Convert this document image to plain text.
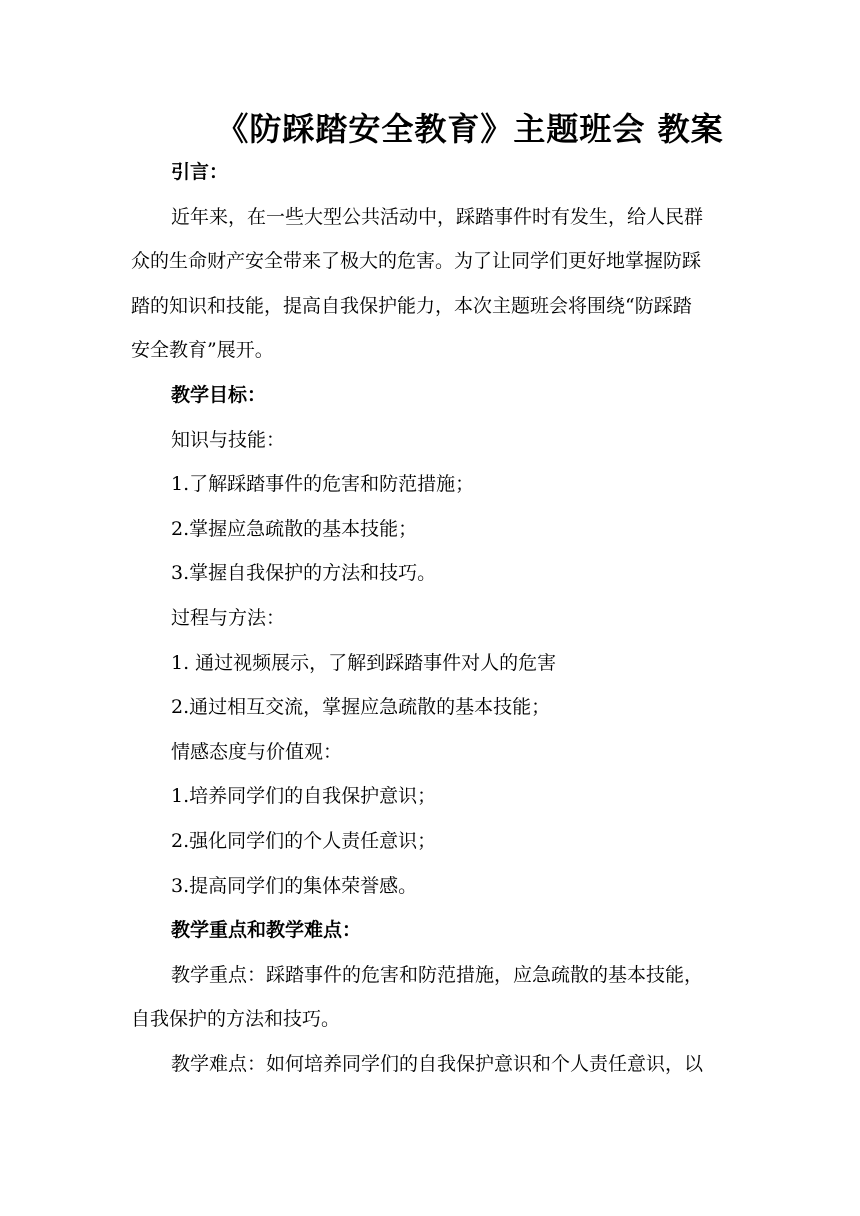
《防踩踏安全教育》主题班会 教案
引言：
近年来，在一些大型公共活动中，踩踏事件时有发生，给人民群
众的生命财产安全带来了极大的危害。为了让同学们更好地掌握防踩
踏的知识和技能，提高自我保护能力，本次主题班会将围绕“防踩踏
安全教育”展开。
教学目标：
知识与技能：
1.了解踩踏事件的危害和防范措施；
2.掌握应急疏散的基本技能；
3.掌握自我保护的方法和技巧。
过程与方法：
1. 通过视频展示，了解到踩踏事件对人的危害
2.通过相互交流，掌握应急疏散的基本技能；
情感态度与价值观：
1.培养同学们的自我保护意识；
2.强化同学们的个人责任意识；
3.提高同学们的集体荣誉感。
教学重点和教学难点：
教学重点：踩踏事件的危害和防范措施，应急疏散的基本技能，
自我保护的方法和技巧。
教学难点：如何培养同学们的自我保护意识和个人责任意识，以
